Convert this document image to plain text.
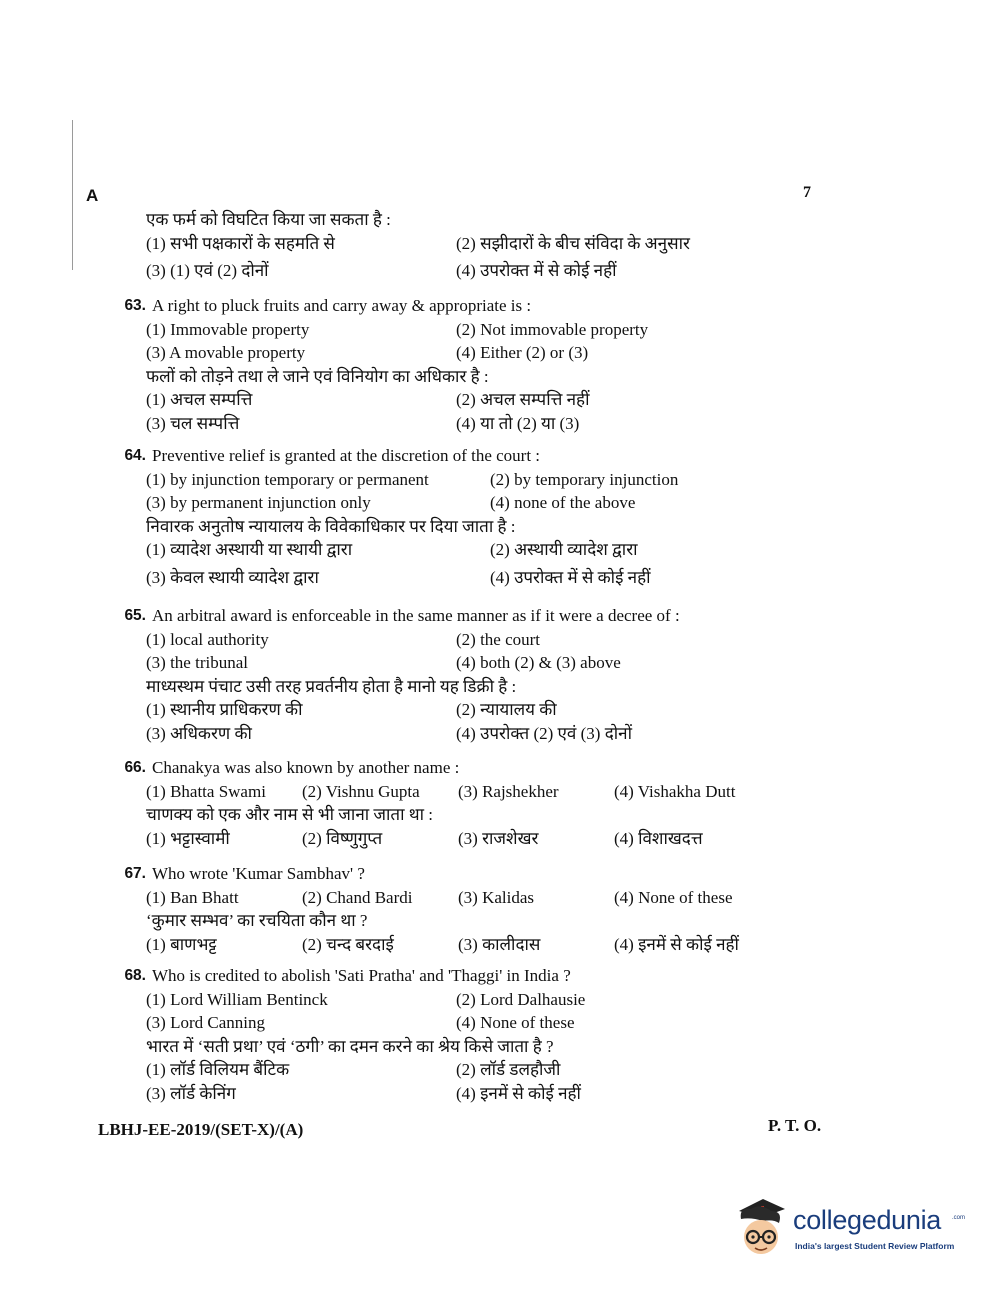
A	7
एक फर्म को विघटित किया जा सकता है :
(1) सभी पक्षकारों के सहमति से	(2) सझीदारों के बीच संविदा के अनुसार
(3) (1) एवं (2) दोनों	(4) उपरोक्त में से कोई नहीं
63. A right to pluck fruits and carry away & appropriate is :
(1) Immovable property	(2) Not immovable property
(3) A movable property	(4) Either (2) or (3)
फलों को तोड़ने तथा ले जाने एवं विनियोग का अधिकार है :
(1) अचल सम्पत्ति	(2) अचल सम्पत्ति नहीं
(3) चल सम्पत्ति	(4) या तो (2) या (3)
64. Preventive relief is granted at the discretion of the court :
(1) by injunction temporary or permanent	(2) by temporary injunction
(3) by permanent injunction only	(4) none of the above
निवारक अनुतोष न्यायालय के विवेकाधिकार पर दिया जाता है :
(1) व्यादेश अस्थायी या स्थायी द्वारा	(2) अस्थायी व्यादेश द्वारा
(3) केवल स्थायी व्यादेश द्वारा	(4) उपरोक्त में से कोई नहीं
65. An arbitral award is enforceable in the same manner as if it were a decree of :
(1) local authority	(2) the court
(3) the tribunal	(4) both (2) & (3) above
माध्यस्थम पंचाट उसी तरह प्रवर्तनीय होता है मानो यह डिक्री है :
(1) स्थानीय प्राधिकरण की	(2) न्यायालय की
(3) अधिकरण की	(4) उपरोक्त (2) एवं (3) दोनों
66. Chanakya was also known by another name :
(1) Bhatta Swami	(2) Vishnu Gupta	(3) Rajshekher	(4) Vishakha Dutt
चाणक्य को एक और नाम से भी जाना जाता था :
(1) भट्टास्वामी	(2) विष्णुगुप्त	(3) राजशेखर	(4) विशाखदत्त
67. Who wrote 'Kumar Sambhav' ?
(1) Ban Bhatt	(2) Chand Bardi	(3) Kalidas	(4) None of these
‘कुमार सम्भव’ का रचयिता कौन था ?
(1) बाणभट्ट	(2) चन्द बरदाई	(3) कालीदास	(4) इनमें से कोई नहीं
68. Who is credited to abolish 'Sati Pratha' and 'Thaggi' in India ?
(1) Lord William Bentinck	(2) Lord Dalhausie
(3) Lord Canning	(4) None of these
भारत में ‘सती प्रथा’ एवं ‘ठगी’ का दमन करने का श्रेय किसे जाता है ?
(1) लॉर्ड विलियम बैंटिक	(2) लॉर्ड डलहौजी
(3) लॉर्ड केनिंग	(4) इनमें से कोई नहीं
LBHJ-EE-2019/(SET-X)/(A)	P. T. O.
collegedunia .com
India's largest Student Review Platform
